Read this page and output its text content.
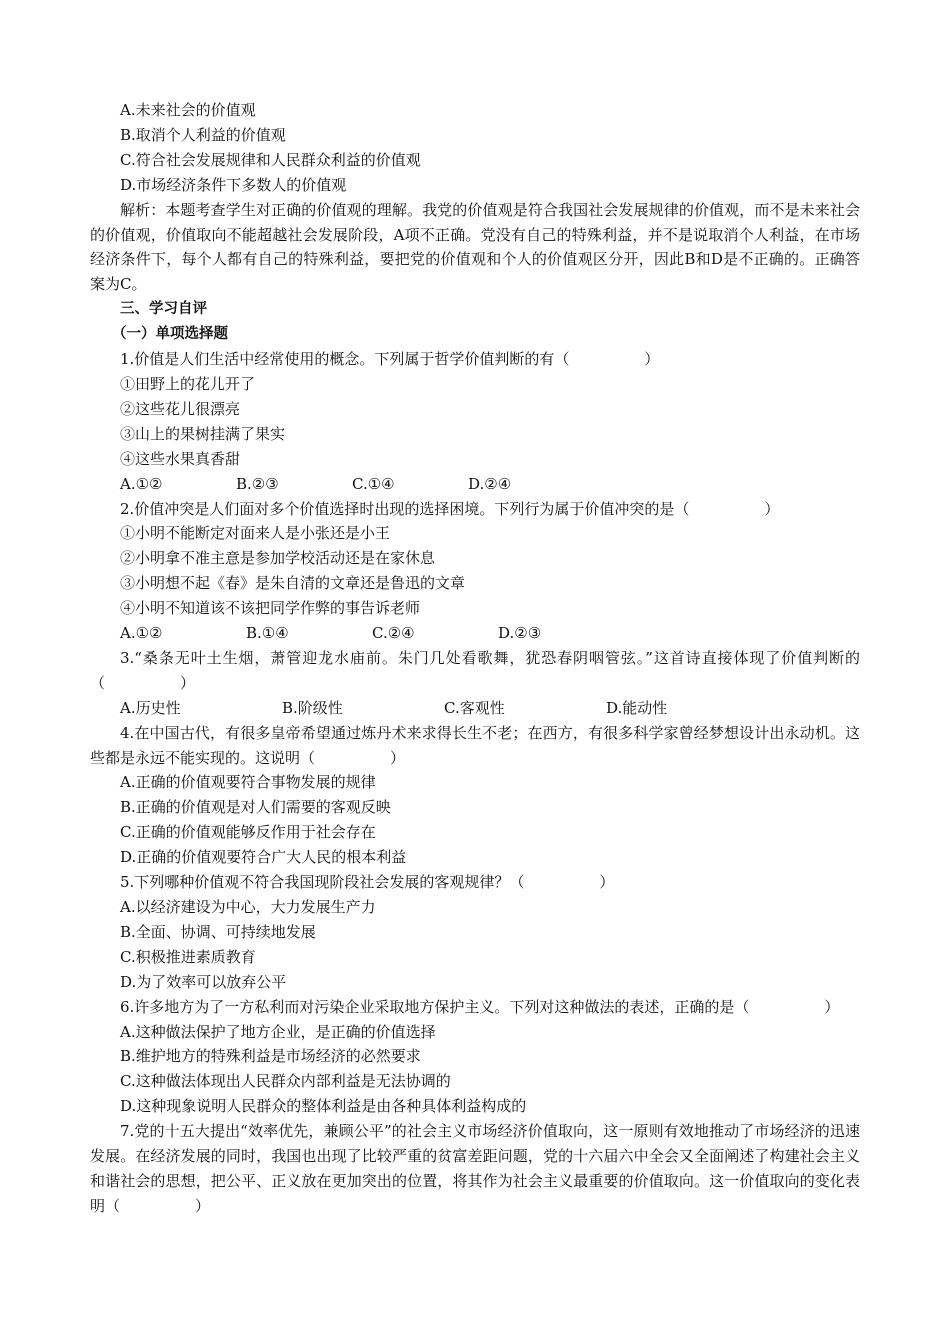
A.未来社会的价值观
B.取消个人利益的价值观
C.符合社会发展规律和人民群众利益的价值观
D.市场经济条件下多数人的价值观
解析：本题考查学生对正确的价值观的理解。我党的价值观是符合我国社会发展规律的价值观，而不是未来社会的价值观，价值取向不能超越社会发展阶段，A项不正确。党没有自己的特殊利益，并不是说取消个人利益，在市场经济条件下，每个人都有自己的特殊利益，要把党的价值观和个人的价值观区分开，因此B和D是不正确的。正确答案为C。
三、学习自评
（一）单项选择题
1.价值是人们生活中经常使用的概念。下列属于哲学价值判断的有（　　　　　）
①田野上的花儿开了
②这些花儿很漂亮
③山上的果树挂满了果实
④这些水果真香甜
A.①②	B.②③	C.①④	D.②④
2.价值冲突是人们面对多个价值选择时出现的选择困境。下列行为属于价值冲突的是（　　　　　）
①小明不能断定对面来人是小张还是小王
②小明拿不准主意是参加学校活动还是在家休息
③小明想不起《春》是朱自清的文章还是鲁迅的文章
④小明不知道该不该把同学作弊的事告诉老师
A.①②	B.①④	C.②④	D.②③
3.“桑条无叶土生烟，萧管迎龙水庙前。朱门几处看歌舞，犹恐春阴咽管弦。”这首诗直接体现了价值判断的（　　　　　）
A.历史性	B.阶级性	C.客观性	D.能动性
4.在中国古代，有很多皇帝希望通过炼丹术来求得长生不老；在西方，有很多科学家曾经梦想设计出永动机。这些都是永远不能实现的。这说明（　　　　　）
A.正确的价值观要符合事物发展的规律
B.正确的价值观是对人们需要的客观反映
C.正确的价值观能够反作用于社会存在
D.正确的价值观要符合广大人民的根本利益
5.下列哪种价值观不符合我国现阶段社会发展的客观规律？（　　　　　）
A.以经济建设为中心，大力发展生产力
B.全面、协调、可持续地发展
C.积极推进素质教育
D.为了效率可以放弃公平
6.许多地方为了一方私利而对污染企业采取地方保护主义。下列对这种做法的表述，正确的是（　　　　　）
A.这种做法保护了地方企业，是正确的价值选择
B.维护地方的特殊利益是市场经济的必然要求
C.这种做法体现出人民群众内部利益是无法协调的
D.这种现象说明人民群众的整体利益是由各种具体利益构成的
7.党的十五大提出“效率优先，兼顾公平”的社会主义市场经济价值取向，这一原则有效地推动了市场经济的迅速发展。在经济发展的同时，我国也出现了比较严重的贫富差距问题，党的十六届六中全会又全面阐述了构建社会主义和谐社会的思想，把公平、正义放在更加突出的位置，将其作为社会主义最重要的价值取向。这一价值取向的变化表明（　　　　　）
